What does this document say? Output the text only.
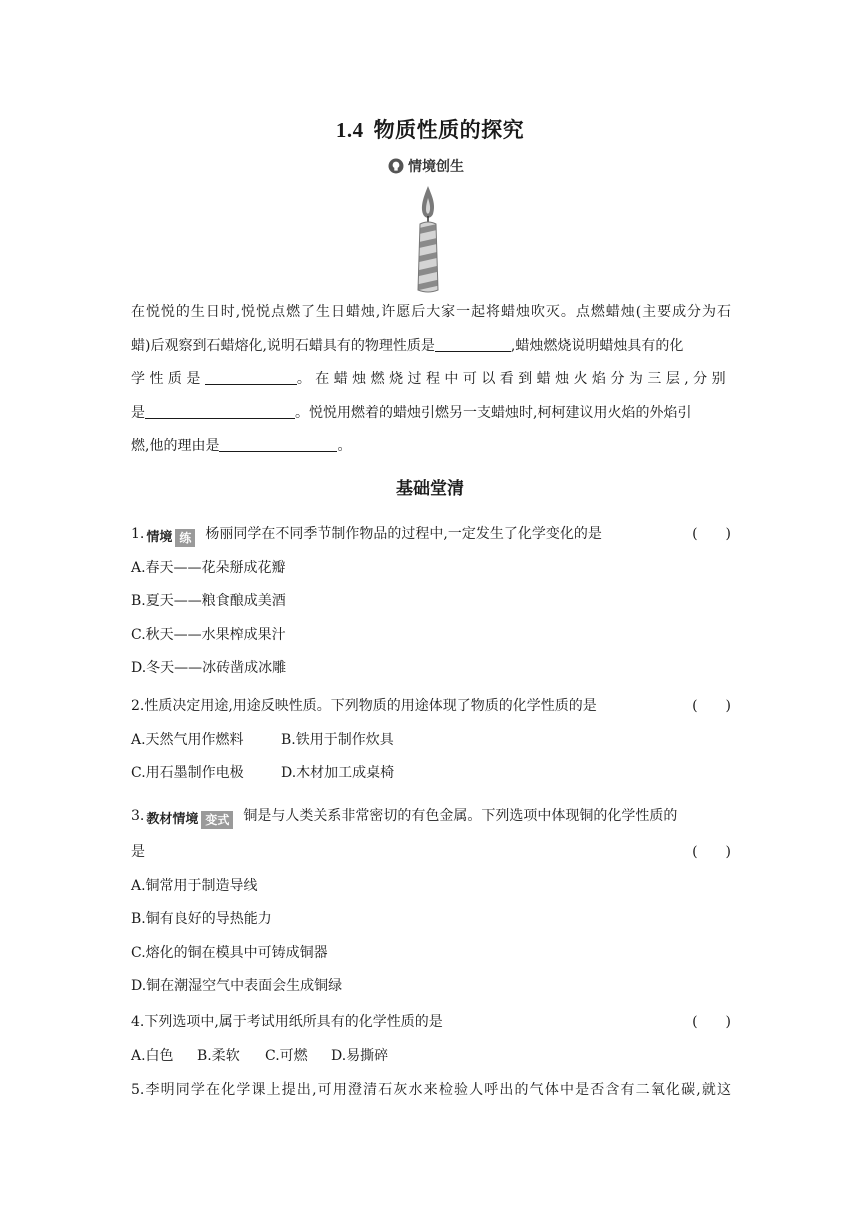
1.4 物质性质的探究
情境创生
在悦悦的生日时,悦悦点燃了生日蜡烛,许愿后大家一起将蜡烛吹灭。点燃蜡烛(主要成分为石
蜡)后观察到石蜡熔化,说明石蜡具有的物理性质是	,蜡烛燃烧说明蜡烛具有的化
学 性 质 是	。 在 蜡 烛 燃 烧 过 程 中 可 以 看 到 蜡 烛 火 焰 分 为 三 层 , 分 别
是	。悦悦用燃着的蜡烛引燃另一支蜡烛时,柯柯建议用火焰的外焰引
燃,他的理由是	。
基础堂清
1. 情境 练 杨丽同学在不同季节制作物品的过程中,一定发生了化学变化的是	(　　)
A.春天——花朵掰成花瓣
B.夏天——粮食酿成美酒
C.秋天——水果榨成果汁
D.冬天——冰砖凿成冰雕
2.性质决定用途,用途反映性质。下列物质的用途体现了物质的化学性质的是	(　　)
A.天然气用作燃料	B.铁用于制作炊具
C.用石墨制作电极	D.木材加工成桌椅
3. 教材情境 变式 铜是与人类关系非常密切的有色金属。下列选项中体现铜的化学性质的
是	(　　)
A.铜常用于制造导线
B.铜有良好的导热能力
C.熔化的铜在模具中可铸成铜器
D.铜在潮湿空气中表面会生成铜绿
4.下列选项中,属于考试用纸所具有的化学性质的是	(　　)
A.白色 B.柔软 C.可燃 D.易撕碎
5.李明同学在化学课上提出,可用澄清石灰水来检验人呼出的气体中是否含有二氧化碳,就这
